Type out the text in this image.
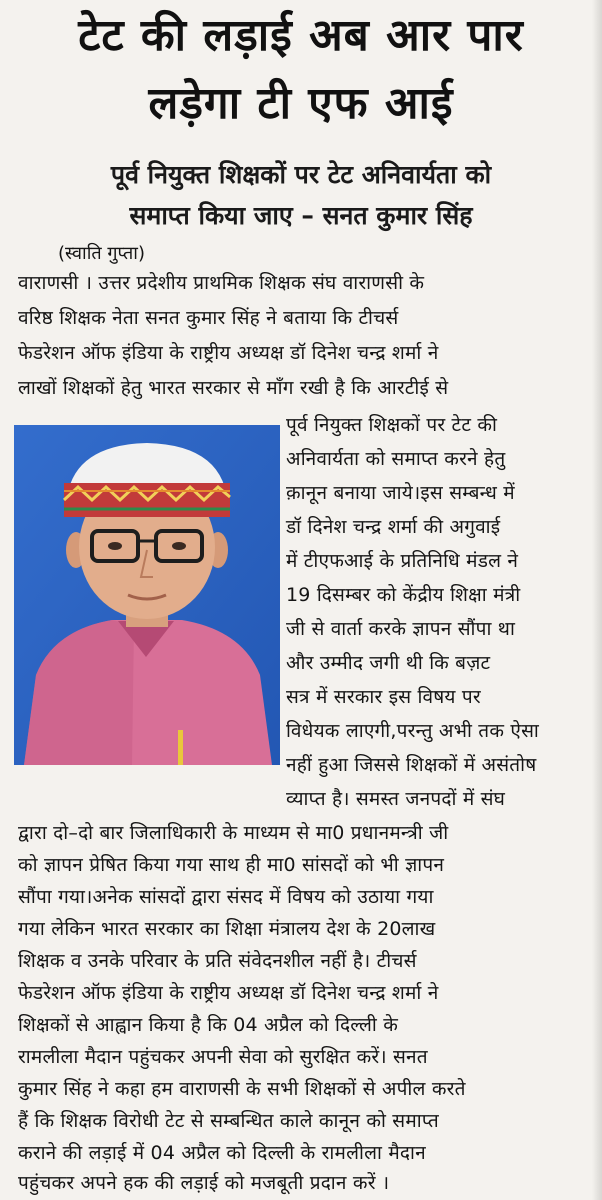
टेट की लड़ाई अब आर पार
लड़ेगा टी एफ आई
पूर्व नियुक्त शिक्षकों पर टेट अनिवार्यता को
समाप्त किया जाए – सनत कुमार सिंह
(स्वाति गुप्ता)
वाराणसी । उत्तर प्रदेशीय प्राथमिक शिक्षक संघ वाराणसी के
वरिष्ठ शिक्षक नेता सनत कुमार सिंह ने बताया कि टीचर्स
फेडरेशन ऑफ इंडिया के राष्ट्रीय अध्यक्ष डॉ दिनेश चन्द्र शर्मा ने
लाखों शिक्षकों हेतु भारत सरकार से माँग रखी है कि आरटीई से
पूर्व नियुक्त शिक्षकों पर टेट की
अनिवार्यता को समाप्त करने हेतु
क़ानून बनाया जाये।इस सम्बन्ध में
डॉ दिनेश चन्द्र शर्मा की अगुवाई
में टीएफआई के प्रतिनिधि मंडल ने
19 दिसम्बर को केंद्रीय शिक्षा मंत्री
जी से वार्ता करके ज्ञापन सौंपा था
और उम्मीद जगी थी कि बज़ट
सत्र में सरकार इस विषय पर
विधेयक लाएगी,परन्तु अभी तक ऐसा
नहीं हुआ जिससे शिक्षकों में असंतोष
व्याप्त है। समस्त जनपदों में संघ
द्वारा दो–दो बार जिलाधिकारी के माध्यम से मा0 प्रधानमन्त्री जी
को ज्ञापन प्रेषित किया गया साथ ही मा0 सांसदों को भी ज्ञापन
सौंपा गया।अनेक सांसदों द्वारा संसद में विषय को उठाया गया
गया लेकिन भारत सरकार का शिक्षा मंत्रालय देश के 20लाख
शिक्षक व उनके परिवार के प्रति संवेदनशील नहीं है। टीचर्स
फेडरेशन ऑफ इंडिया के राष्ट्रीय अध्यक्ष डॉ दिनेश चन्द्र शर्मा ने
शिक्षकों से आह्वान किया है कि 04 अप्रैल को दिल्ली के
रामलीला मैदान पहुंचकर अपनी सेवा को सुरक्षित करें। सनत
कुमार सिंह ने कहा हम वाराणसी के सभी शिक्षकों से अपील करते
हैं कि शिक्षक विरोधी टेट से सम्बन्धित काले कानून को समाप्त
कराने की लड़ाई में 04 अप्रैल को दिल्ली के रामलीला मैदान
पहुंचकर अपने हक की लड़ाई को मजबूती प्रदान करें ।
